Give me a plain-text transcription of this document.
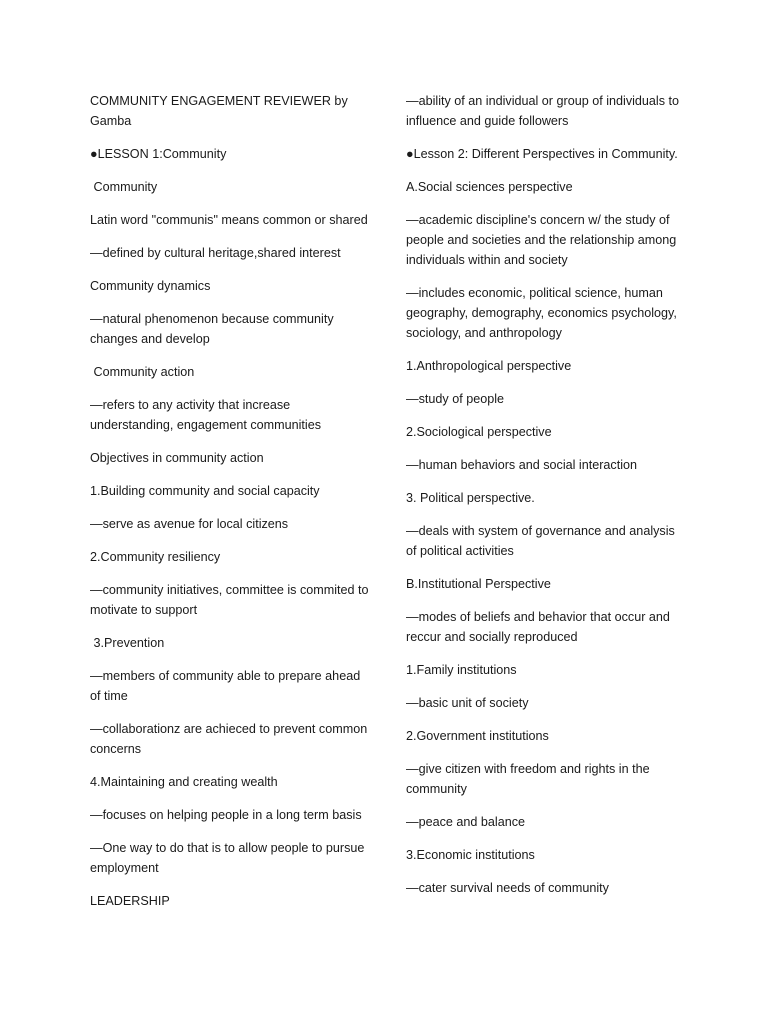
COMMUNITY ENGAGEMENT REVIEWER by Gamba

●LESSON 1:Community

Community

Latin word "communis" means common or shared

—defined by cultural heritage,shared interest

Community dynamics

—natural phenomenon because community changes and develop

Community action

—refers to any activity that increase understanding, engagement communities

Objectives in community action

1.Building community and social capacity

—serve as avenue for local citizens

2.Community resiliency

—community initiatives, committee is commited to motivate to support

3.Prevention

—members of community able to prepare ahead of time

—collaborationz are achieced to prevent common concerns

4.Maintaining and creating wealth

—focuses on helping people in a long term basis

—One way to do that is to allow people to pursue employment

LEADERSHIP

—ability of an individual or group of individuals to influence and guide followers

●Lesson 2: Different Perspectives in Community.

A.Social sciences perspective

—academic discipline's concern w/ the study of people and societies and the relationship among individuals within and society

—includes economic, political science, human geography, demography, economics psychology, sociology, and anthropology

1.Anthropological perspective

—study of people

2.Sociological perspective

—human behaviors and social interaction

3. Political perspective.

—deals with system of governance and analysis of political activities

B.Institutional Perspective

—modes of beliefs and behavior that occur and reccur and socially reproduced

1.Family institutions

—basic unit of society

2.Government institutions

—give citizen with freedom and rights in the community

—peace and balance

3.Economic institutions

—cater survival needs of community
